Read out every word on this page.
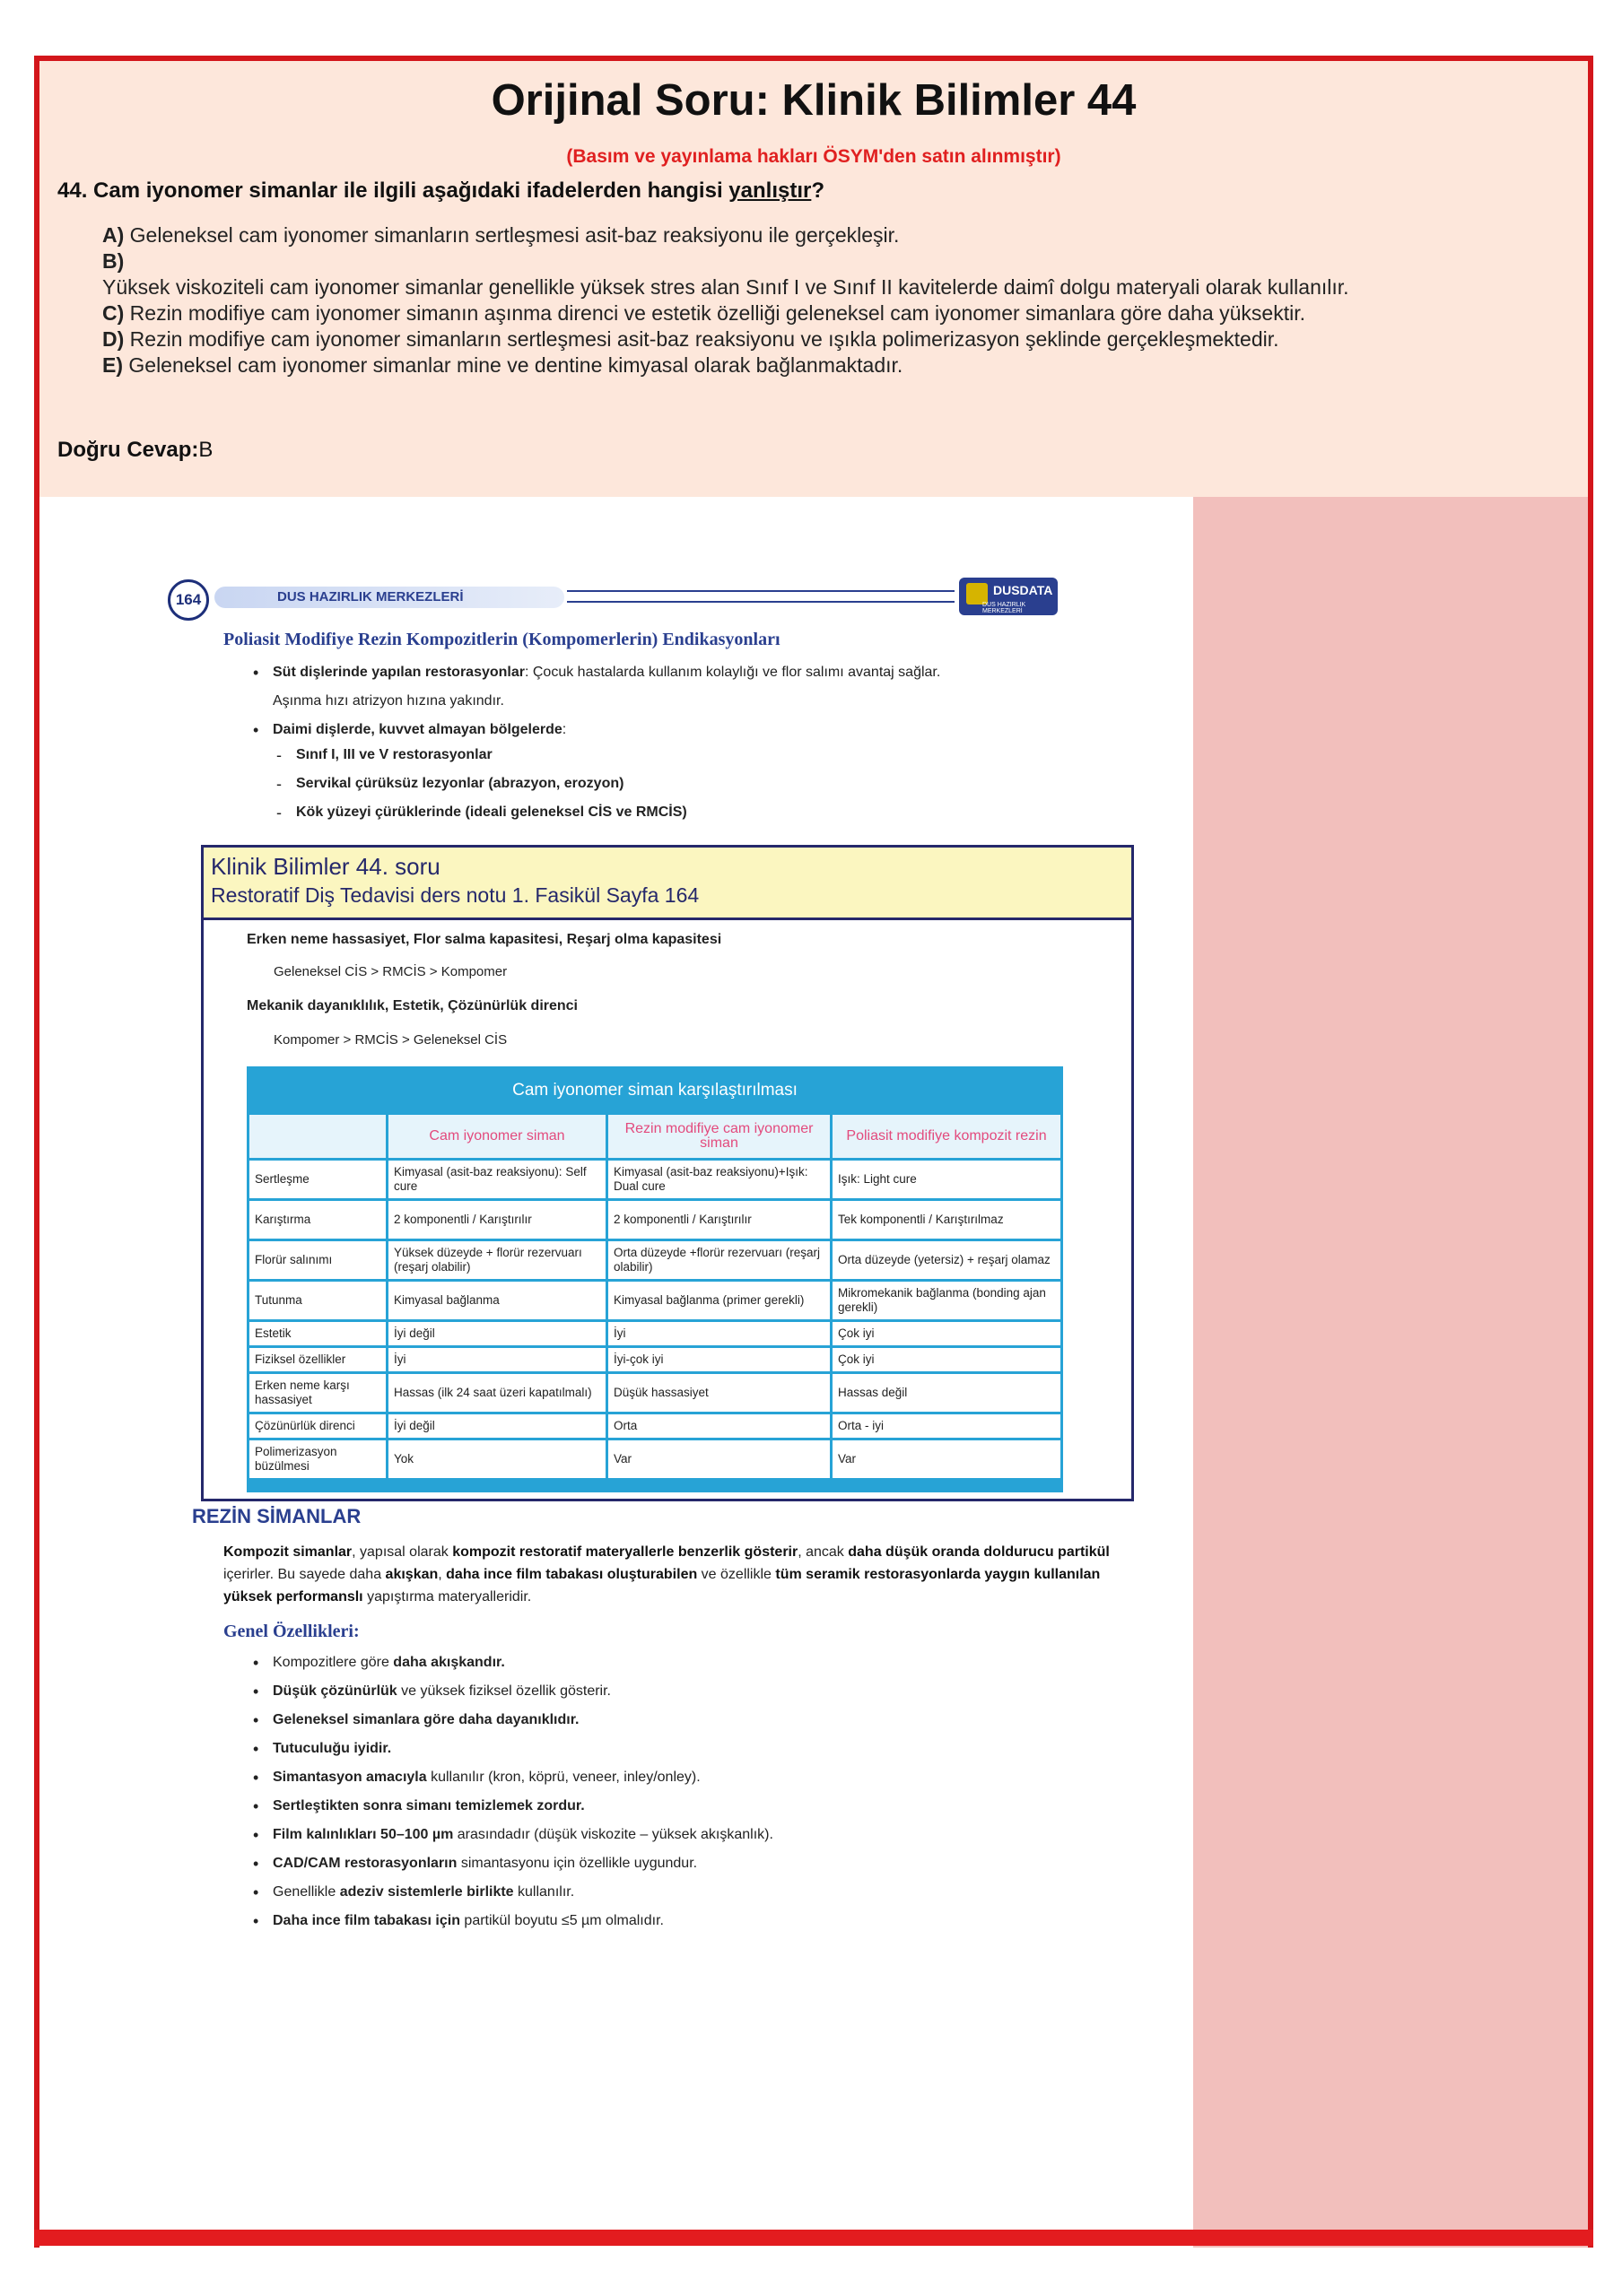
Orijinal Soru: Klinik Bilimler 44
(Basım ve yayınlama hakları ÖSYM'den satın alınmıştır)
44. Cam iyonomer simanlar ile ilgili aşağıdaki ifadelerden hangisi yanlıştır?
A) Geleneksel cam iyonomer simanların sertleşmesi asit-baz reaksiyonu ile gerçekleşir.
B)
Yüksek viskoziteli cam iyonomer simanlar genellikle yüksek stres alan Sınıf I ve Sınıf II kavitelerde daimî dolgu materyali olarak kullanılır.
C) Rezin modifiye cam iyonomer simanın aşınma direnci ve estetik özelliği geleneksel cam iyonomer simanlara göre daha yüksektir.
D) Rezin modifiye cam iyonomer simanların sertleşmesi asit-baz reaksiyonu ve ışıkla polimerizasyon şeklinde gerçekleşmektedir.
E) Geleneksel cam iyonomer simanlar mine ve dentine kimyasal olarak bağlanmaktadır.
Doğru Cevap:B
164	DUS HAZIRLIK MERKEZLERİ	DUSDATA
DUS HAZIRLIK MERKEZLERİ
Poliasit Modifiye Rezin Kompozitlerin (Kompomerlerin) Endikasyonları
• Süt dişlerinde yapılan restorasyonlar: Çocuk hastalarda kullanım kolaylığı ve flor salımı avantaj sağlar.
Aşınma hızı atrizyon hızına yakındır.
• Daimi dişlerde, kuvvet almayan bölgelerde:
- Sınıf I, III ve V restorasyonlar
- Servikal çürüksüz lezyonlar (abrazyon, erozyon)
- Kök yüzeyi çürüklerinde (ideali geleneksel CİS ve RMCİS)
Klinik Bilimler 44. soru
Restoratif Diş Tedavisi ders notu 1. Fasikül Sayfa 164
Erken neme hassasiyet, Flor salma kapasitesi, Reşarj olma kapasitesi
Geleneksel CİS > RMCİS > Kompomer
Mekanik dayanıklılık, Estetik, Çözünürlük direnci
Kompomer > RMCİS > Geleneksel CİS
Cam iyonomer siman karşılaştırılması			
	Cam iyonomer siman	Rezin modifiye cam iyonomer siman	Poliasit modifiye kompozit rezin
Sertleşme	Kimyasal (asit-baz reaksiyonu): Self cure	Kimyasal (asit-baz reaksiyonu)+Işık: Dual cure	Işık: Light cure
Karıştırma	2 komponentli / Karıştırılır	2 komponentli / Karıştırılır	Tek komponentli / Karıştırılmaz
Florür salınımı	Yüksek düzeyde + florür rezervuarı (reşarj olabilir)	Orta düzeyde +florür rezervuarı (reşarj olabilir)	Orta düzeyde (yetersiz) + reşarj olamaz
Tutunma	Kimyasal bağlanma	Kimyasal bağlanma (primer gerekli)	Mikromekanik bağlanma (bonding ajan gerekli)
Estetik	İyi değil	İyi	Çok iyi
Fiziksel özellikler	İyi	İyi-çok iyi	Çok iyi
Erken neme karşı hassasiyet	Hassas (ilk 24 saat üzeri kapatılmalı)	Düşük hassasiyet	Hassas değil
Çözünürlük direnci	İyi değil	Orta	Orta - iyi
Polimerizasyon büzülmesi	Yok	Var	Var

REZİN SİMANLAR
Kompozit simanlar, yapısal olarak kompozit restoratif materyallerle benzerlik gösterir, ancak daha düşük oranda doldurucu partikül içerirler. Bu sayede daha akışkan, daha ince film tabakası oluşturabilen ve özellikle tüm seramik restorasyonlarda yaygın kullanılan yüksek performanslı yapıştırma materyalleridir.
Genel Özellikleri:
• Kompozitlere göre daha akışkandır.
• Düşük çözünürlük ve yüksek fiziksel özellik gösterir.
• Geleneksel simanlara göre daha dayanıklıdır.
• Tutuculuğu iyidir.
• Simantasyon amacıyla kullanılır (kron, köprü, veneer, inley/onley).
• Sertleştikten sonra simanı temizlemek zordur.
• Film kalınlıkları 50–100 µm arasındadır (düşük viskozite – yüksek akışkanlık).
• CAD/CAM restorasyonların simantasyonu için özellikle uygundur.
• Genellikle adeziv sistemlerle birlikte kullanılır.
• Daha ince film tabakası için partikül boyutu ≤5 µm olmalıdır.
